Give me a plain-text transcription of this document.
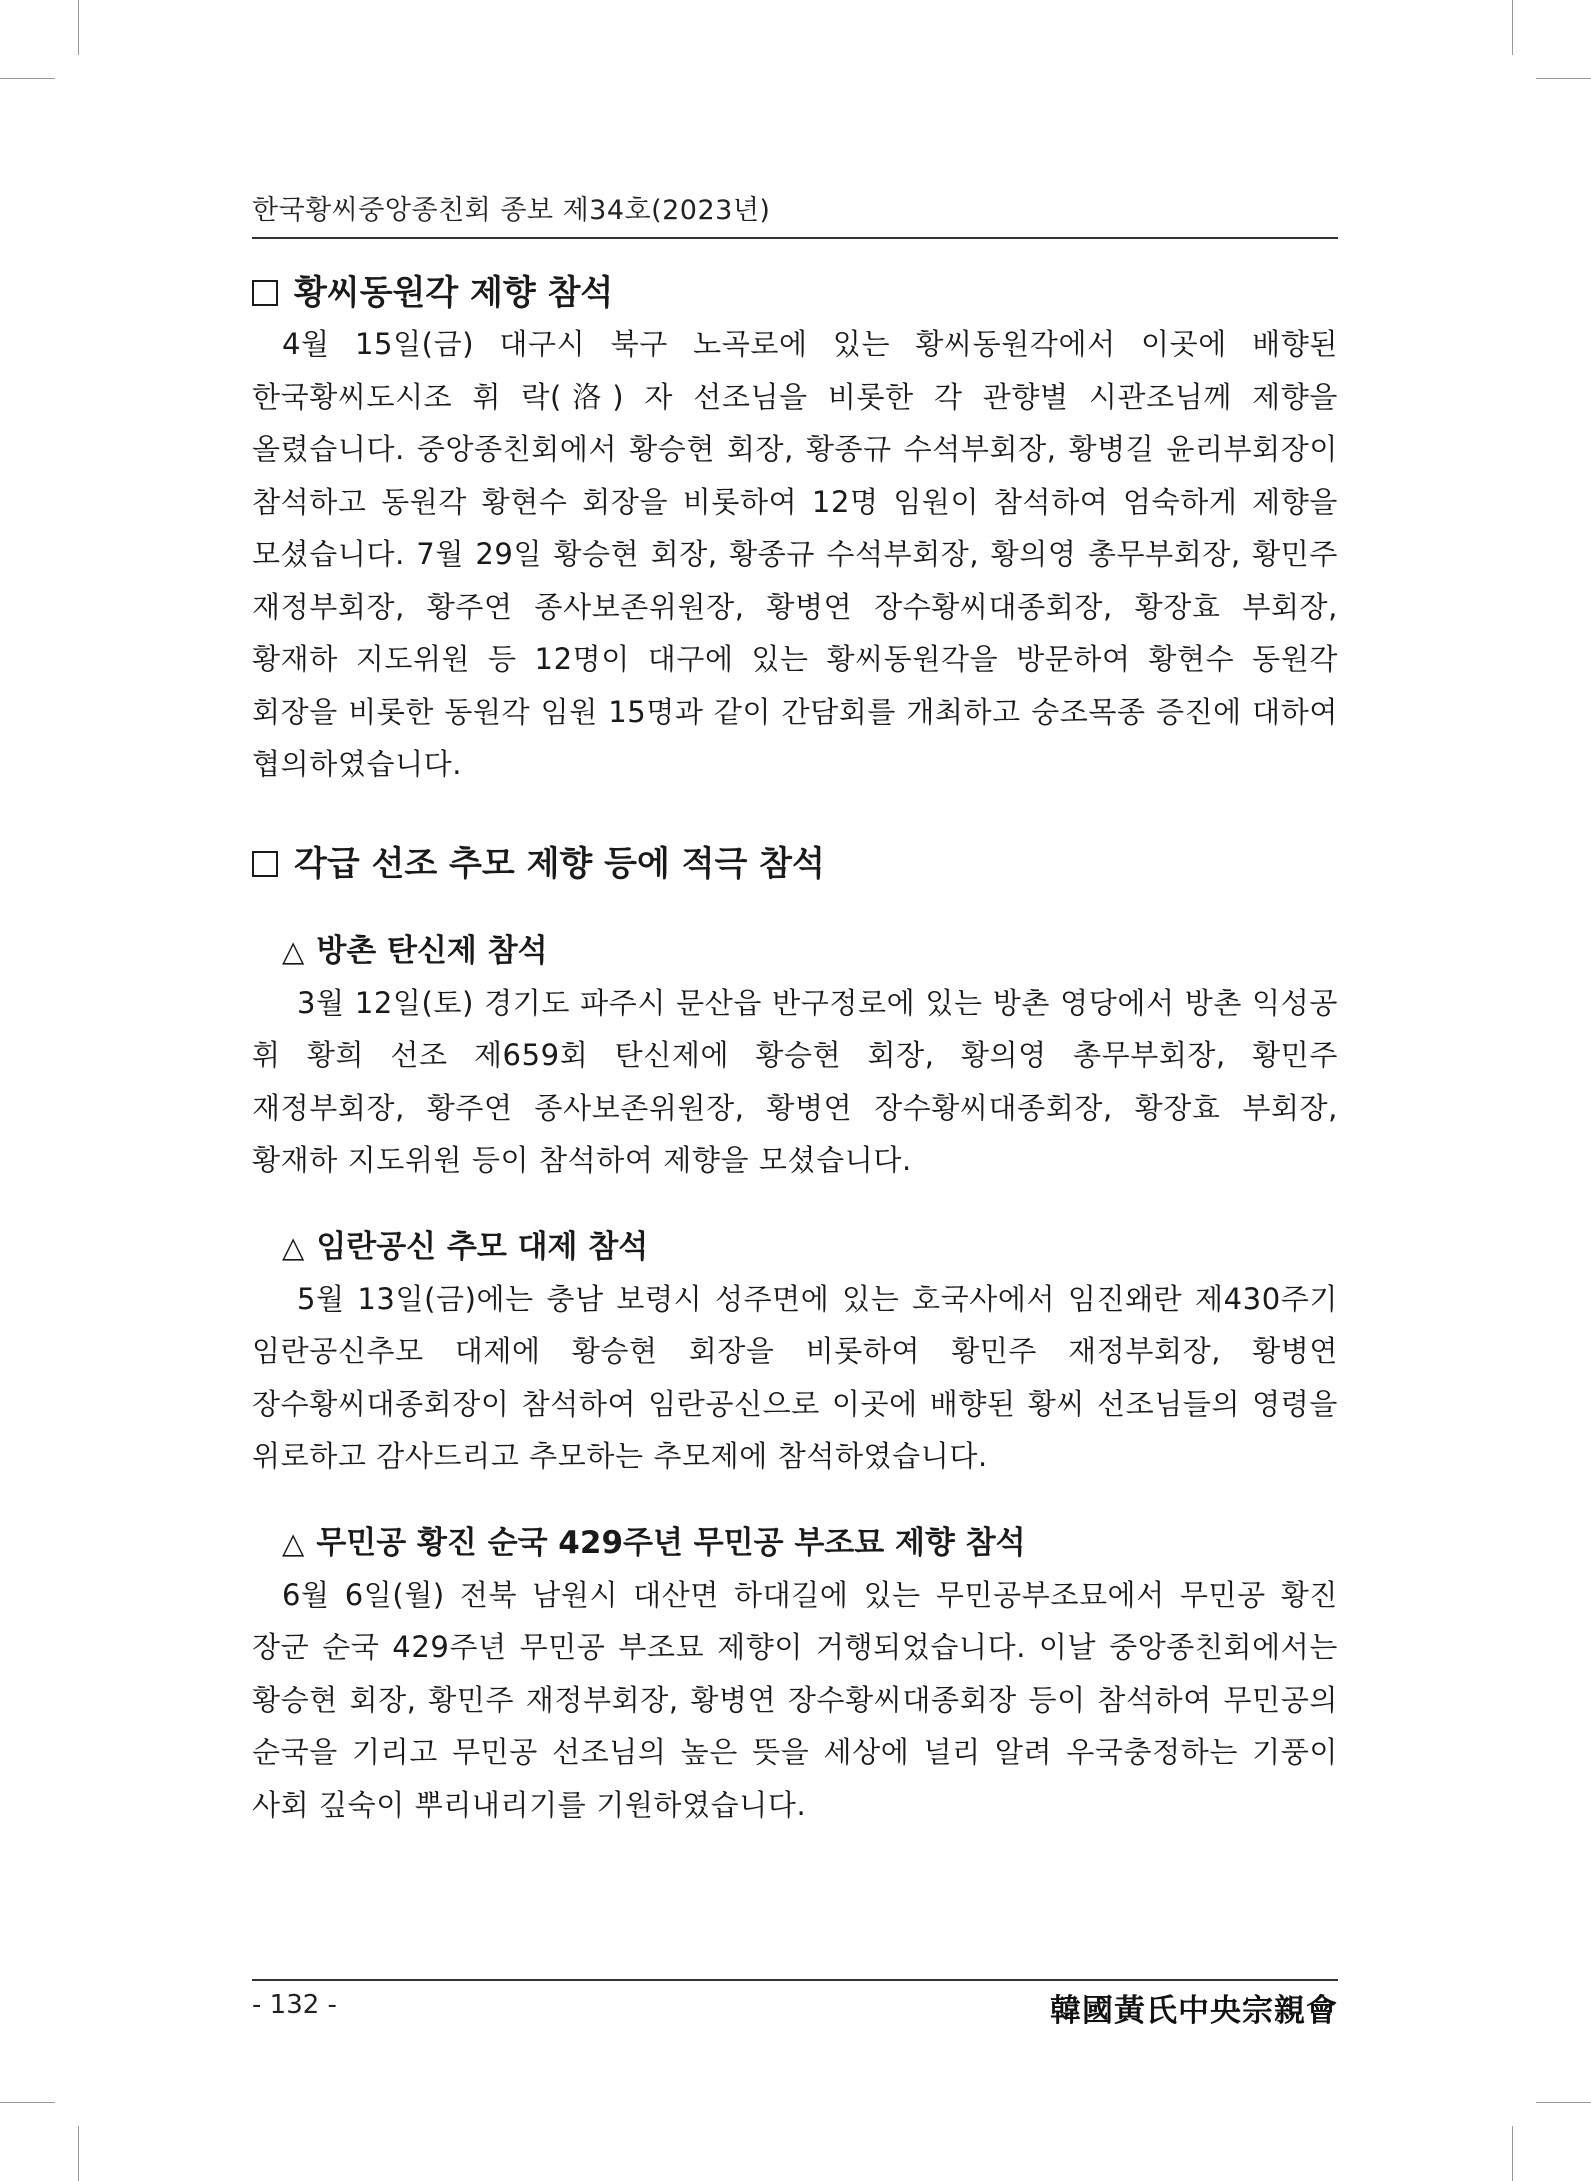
한국황씨중앙종친회 종보 제34호(2023년)
황씨동원각 제향 참석

4월 15일(금) 대구시 북구 노곡로에 있는 황씨동원각에서 이곳에 배향된 한국황씨도시조 휘 락(洛) 자 선조님을 비롯한 각 관향별 시관조님께 제향을 올렸습니다. 중앙종친회에서 황승현 회장, 황종규 수석부회장, 황병길 윤리부회장이 참석하고 동원각 황현수 회장을 비롯하여 12명 임원이 참석하여 엄숙하게 제향을 모셨습니다. 7월 29일 황승현 회장, 황종규 수석부회장, 황의영 총무부회장, 황민주 재정부회장, 황주연 종사보존위원장, 황병연 장수황씨대종회장, 황장효 부회장, 황재하 지도위원 등 12명이 대구에 있는 황씨동원각을 방문하여 황현수 동원각 회장을 비롯한 동원각 임원 15명과 같이 간담회를 개최하고 숭조목종 증진에 대하여 협의하였습니다.

각급 선조 추모 제향 등에 적극 참석
△ 방촌 탄신제 참석

3월 12일(토) 경기도 파주시 문산읍 반구정로에 있는 방촌 영당에서 방촌 익성공 휘 황희 선조 제659회 탄신제에 황승현 회장, 황의영 총무부회장, 황민주 재정부회장, 황주연 종사보존위원장, 황병연 장수황씨대종회장, 황장효 부회장, 황재하 지도위원 등이 참석하여 제향을 모셨습니다.

△ 임란공신 추모 대제 참석

5월 13일(금)에는 충남 보령시 성주면에 있는 호국사에서 임진왜란 제430주기 임란공신추모 대제에 황승현 회장을 비롯하여 황민주 재정부회장, 황병연 장수황씨대종회장이 참석하여 임란공신으로 이곳에 배향된 황씨 선조님들의 영령을 위로하고 감사드리고 추모하는 추모제에 참석하였습니다.

△ 무민공 황진 순국 429주년 무민공 부조묘 제향 참석

6월 6일(월) 전북 남원시 대산면 하대길에 있는 무민공부조묘에서 무민공 황진 장군 순국 429주년 무민공 부조묘 제향이 거행되었습니다. 이날 중앙종친회에서는 황승현 회장, 황민주 재정부회장, 황병연 장수황씨대종회장 등이 참석하여 무민공의 순국을 기리고 무민공 선조님의 높은 뜻을 세상에 널리 알려 우국충정하는 기풍이 사회 깊숙이 뿌리내리기를 기원하였습니다.

- 132 -	韓國黃氏中央宗親會
